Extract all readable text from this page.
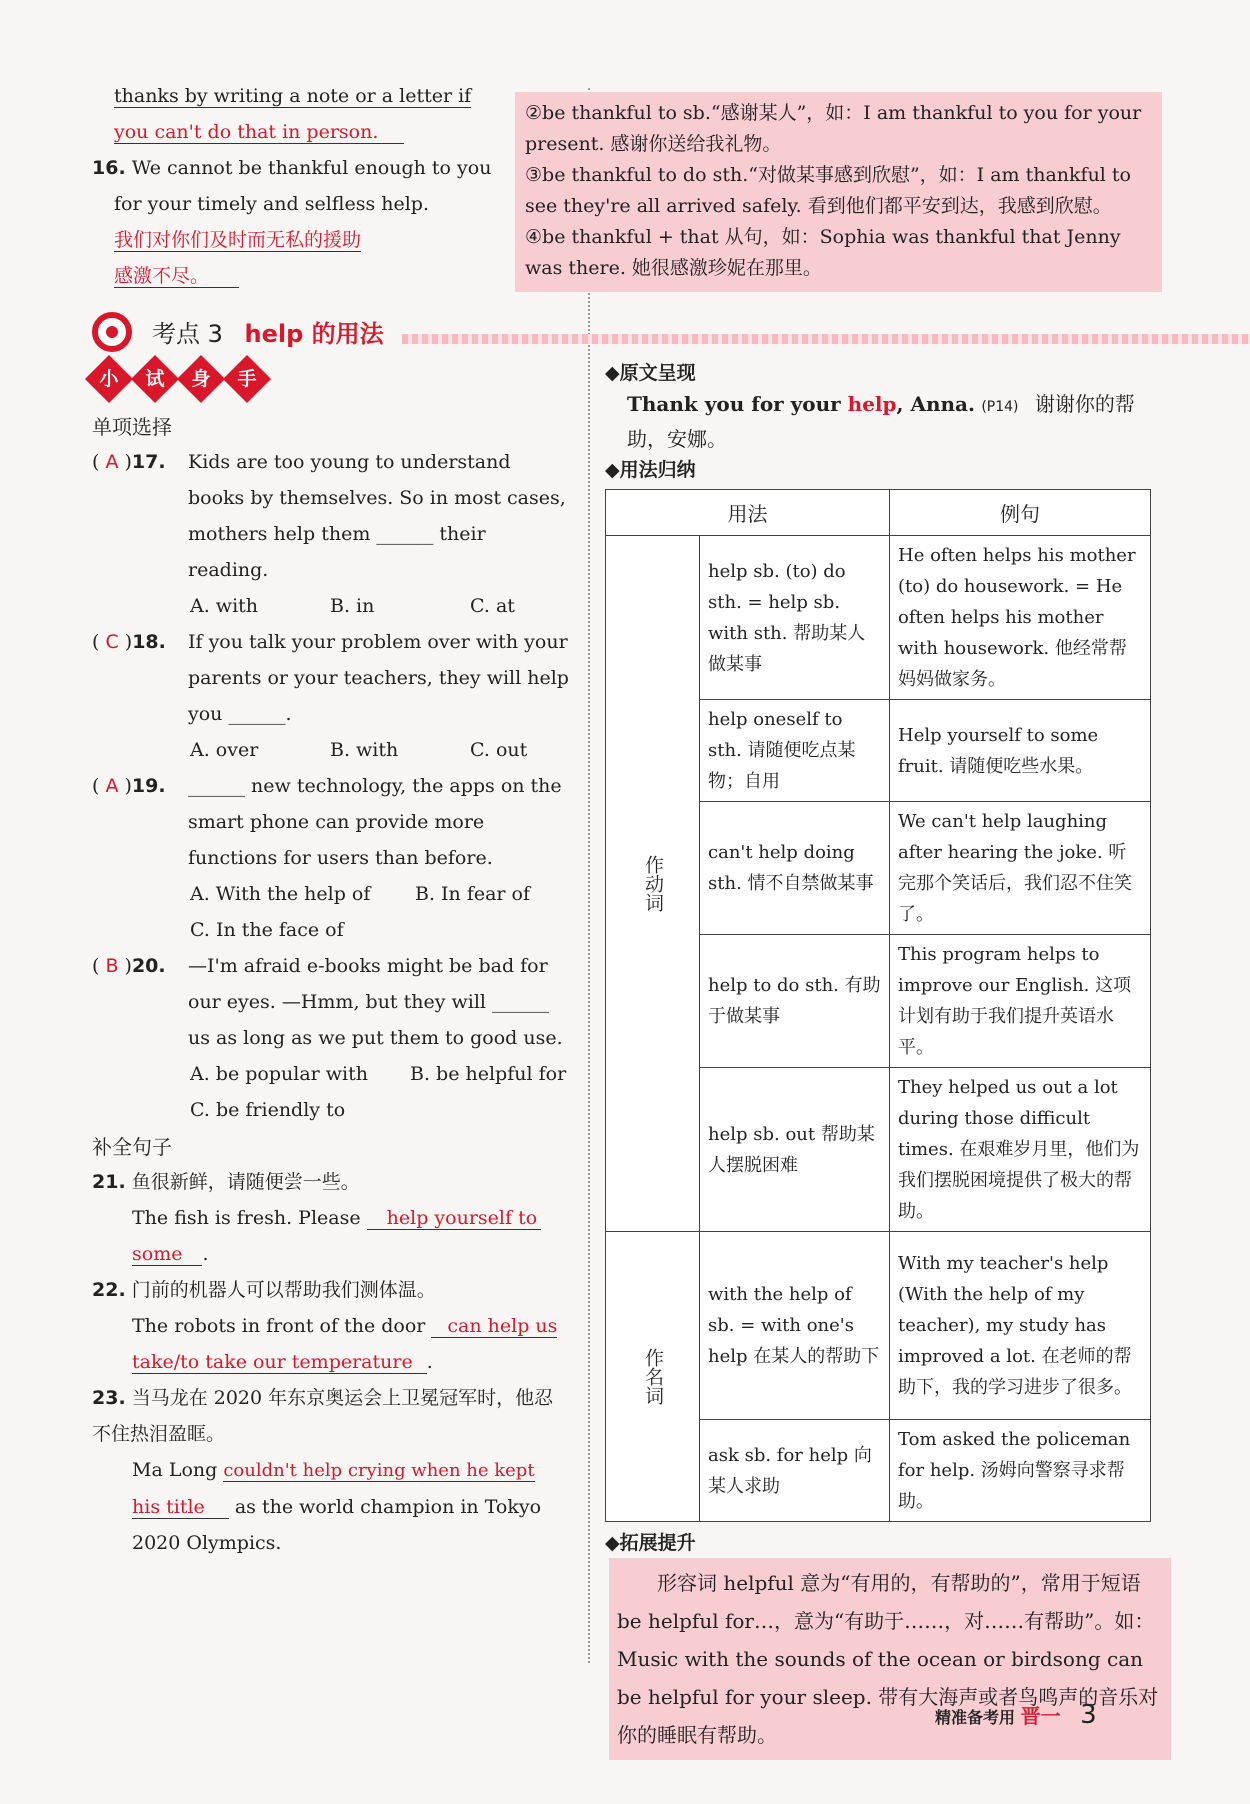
thanks by writing a note or a letter if
you can't do that in person.
16. We cannot be thankful enough to you
for your timely and selfless help.
我们对你们及时而无私的援助
感激不尽。
②be thankful to sb.“感谢某人”，如：I am thankful to you for your present. 感谢你送给我礼物。
③be thankful to do sth.“对做某事感到欣慰”，如：I am thankful to see they're all arrived safely. 看到他们都平安到达，我感到欣慰。
④be thankful + that 从句，如：Sophia was thankful that Jenny was there. 她很感激珍妮在那里。
考点 3 help 的用法
小
	试
	身
	手
单项选择
( A )17.	Kids are too young to understand books by themselves. So in most cases, mothers help them ______ their reading.
A. with	B. in	C. at
( C )18.	If you talk your problem over with your parents or your teachers, they will help you ______.
A. over	B. with	C. out
( A )19.	______ new technology, the apps on the smart phone can provide more functions for users than before.
A. With the help of B. In fear of
C. In the face of
( B )20.	—I'm afraid e-books might be bad for our eyes. —Hmm, but they will ______ us as long as we put them to good use.
A. be popular with B. be helpful for
C. be friendly to
补全句子
21. 鱼很新鲜，请随便尝一些。
The fish is fresh. Please help yourself to
some .
22. 门前的机器人可以帮助我们测体温。
The robots in front of the door can help us
take/to take our temperature .
23. 当马龙在 2020 年东京奥运会上卫冕冠军时，他忍不住热泪盈眶。
Ma Long couldn't help crying when he kept
his title as the world champion in Tokyo
2020 Olympics.
◆原文呈现
Thank you for your help, Anna. (P14) 谢谢你的帮助，安娜。
◆用法归纳
用法		例句
作动词	help sb. (to) do sth. = help sb. with sth. 帮助某人做某事	He often helps his mother (to) do housework. = He often helps his mother with housework. 他经常帮妈妈做家务。
	help oneself to sth. 请随便吃点某物；自用	Help yourself to some fruit. 请随便吃些水果。
	can't help doing sth. 情不自禁做某事	We can't help laughing after hearing the joke. 听完那个笑话后，我们忍不住笑了。
	help to do sth. 有助于做某事	This program helps to improve our English. 这项计划有助于我们提升英语水平。
	help sb. out 帮助某人摆脱困难	They helped us out a lot during those difficult times. 在艰难岁月里，他们为我们摆脱困境提供了极大的帮助。
作名词	with the help of sb. = with one's help 在某人的帮助下	With my teacher's help (With the help of my teacher), my study has improved a lot. 在老师的帮助下，我的学习进步了很多。
	ask sb. for help 向某人求助	Tom asked the policeman for help. 汤姆向警察寻求帮助。
◆拓展提升
形容词 helpful 意为“有用的，有帮助的”，常用于短语 be helpful for…，意为“有助于……，对……有帮助”。如：Music with the sounds of the ocean or birdsong can be helpful for your sleep. 带有大海声或者鸟鸣声的音乐对你的睡眠有帮助。
精准备考用 晋一 3
